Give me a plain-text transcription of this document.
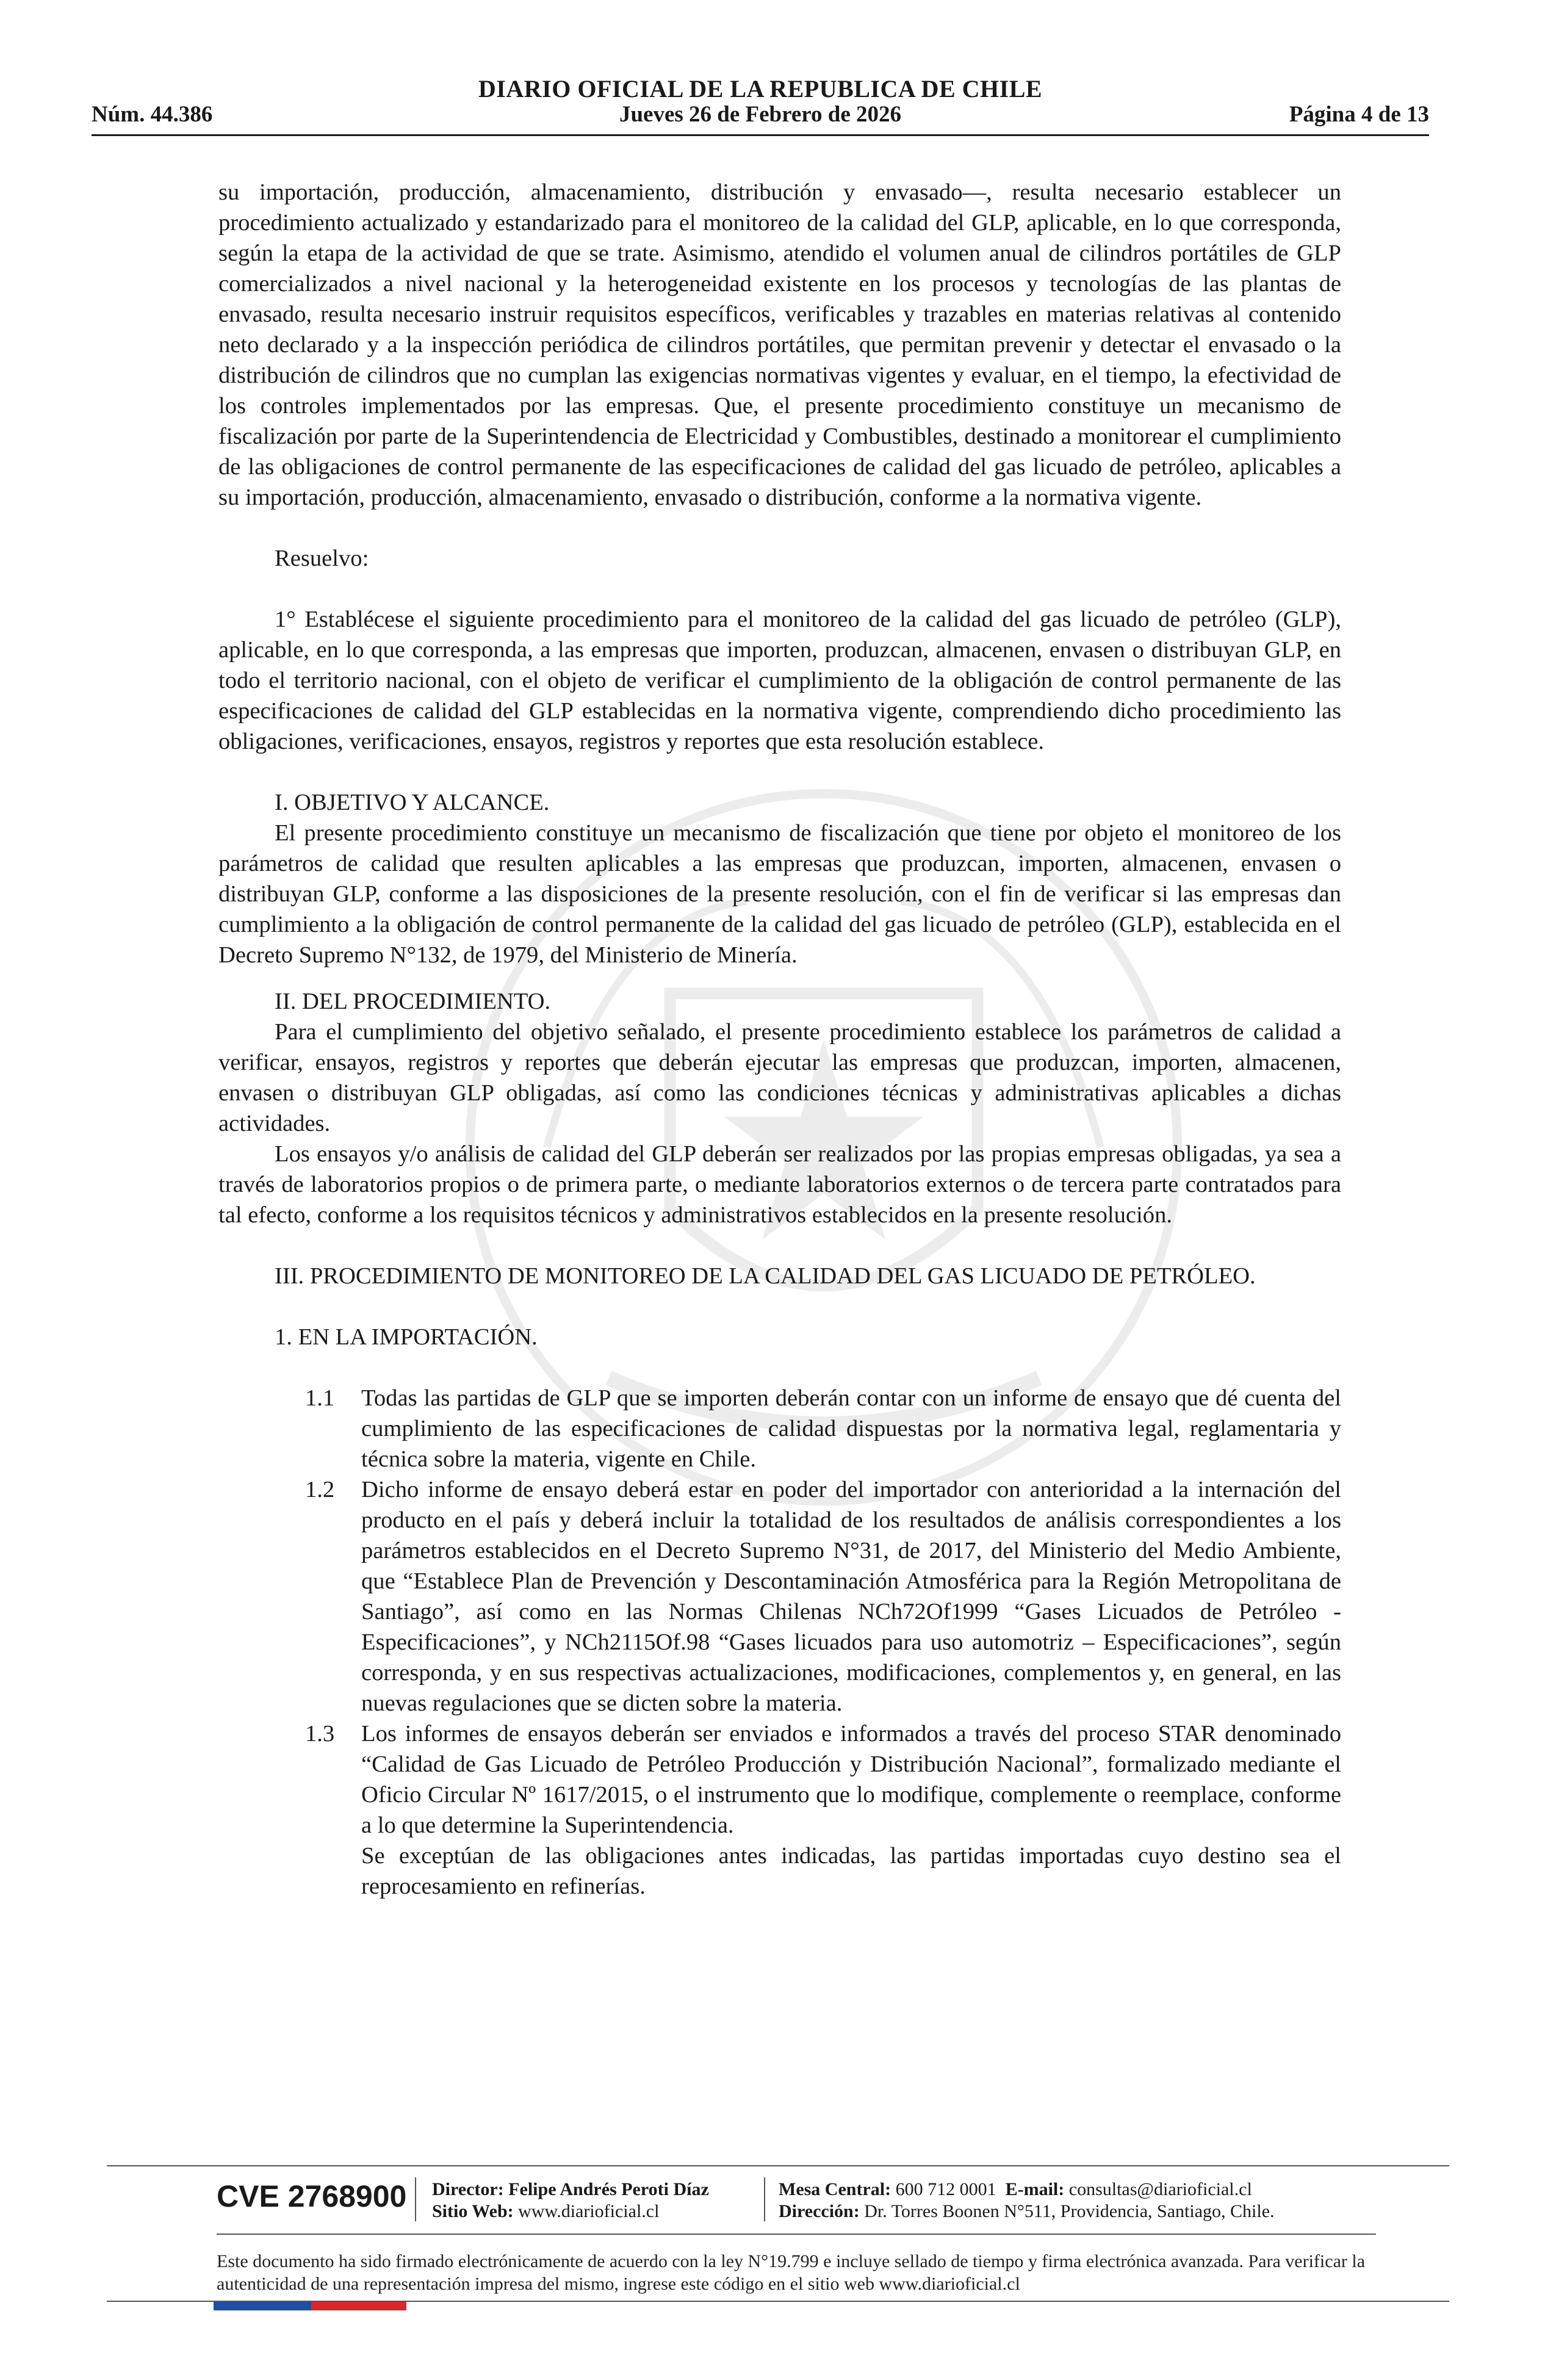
DIARIO OFICIAL DE LA REPUBLICA DE CHILE
Núm. 44.386	Jueves 26 de Febrero de 2026	Página 4 de 13

su importación, producción, almacenamiento, distribución y envasado—, resulta necesario establecer un procedimiento actualizado y estandarizado para el monitoreo de la calidad del GLP, aplicable, en lo que corresponda, según la etapa de la actividad de que se trate. Asimismo, atendido el volumen anual de cilindros portátiles de GLP comercializados a nivel nacional y la heterogeneidad existente en los procesos y tecnologías de las plantas de envasado, resulta necesario instruir requisitos específicos, verificables y trazables en materias relativas al contenido neto declarado y a la inspección periódica de cilindros portátiles, que permitan prevenir y detectar el envasado o la distribución de cilindros que no cumplan las exigencias normativas vigentes y evaluar, en el tiempo, la efectividad de los controles implementados por las empresas. Que, el presente procedimiento constituye un mecanismo de fiscalización por parte de la Superintendencia de Electricidad y Combustibles, destinado a monitorear el cumplimiento de las obligaciones de control permanente de las especificaciones de calidad del gas licuado de petróleo, aplicables a su importación, producción, almacenamiento, envasado o distribución, conforme a la normativa vigente.

Resuelvo:

1° Establécese el siguiente procedimiento para el monitoreo de la calidad del gas licuado de petróleo (GLP), aplicable, en lo que corresponda, a las empresas que importen, produzcan, almacenen, envasen o distribuyan GLP, en todo el territorio nacional, con el objeto de verificar el cumplimiento de la obligación de control permanente de las especificaciones de calidad del GLP establecidas en la normativa vigente, comprendiendo dicho procedimiento las obligaciones, verificaciones, ensayos, registros y reportes que esta resolución establece.

I. OBJETIVO Y ALCANCE.

El presente procedimiento constituye un mecanismo de fiscalización que tiene por objeto el monitoreo de los parámetros de calidad que resulten aplicables a las empresas que produzcan, importen, almacenen, envasen o distribuyan GLP, conforme a las disposiciones de la presente resolución, con el fin de verificar si las empresas dan cumplimiento a la obligación de control permanente de la calidad del gas licuado de petróleo (GLP), establecida en el Decreto Supremo N°132, de 1979, del Ministerio de Minería.

II. DEL PROCEDIMIENTO.

Para el cumplimiento del objetivo señalado, el presente procedimiento establece los parámetros de calidad a verificar, ensayos, registros y reportes que deberán ejecutar las empresas que produzcan, importen, almacenen, envasen o distribuyan GLP obligadas, así como las condiciones técnicas y administrativas aplicables a dichas actividades.

Los ensayos y/o análisis de calidad del GLP deberán ser realizados por las propias empresas obligadas, ya sea a través de laboratorios propios o de primera parte, o mediante laboratorios externos o de tercera parte contratados para tal efecto, conforme a los requisitos técnicos y administrativos establecidos en la presente resolución.

III. PROCEDIMIENTO DE MONITOREO DE LA CALIDAD DEL GAS LICUADO DE PETRÓLEO.

1. EN LA IMPORTACIÓN.

1.1	Todas las partidas de GLP que se importen deberán contar con un informe de ensayo que dé cuenta del cumplimiento de las especificaciones de calidad dispuestas por la normativa legal, reglamentaria y técnica sobre la materia, vigente en Chile.
1.2	Dicho informe de ensayo deberá estar en poder del importador con anterioridad a la internación del producto en el país y deberá incluir la totalidad de los resultados de análisis correspondientes a los parámetros establecidos en el Decreto Supremo N°31, de 2017, del Ministerio del Medio Ambiente, que “Establece Plan de Prevención y Descontaminación Atmosférica para la Región Metropolitana de Santiago”, así como en las Normas Chilenas NCh72Of1999 “Gases Licuados de Petróleo - Especificaciones”, y NCh2115Of.98 “Gases licuados para uso automotriz – Especificaciones”, según corresponda, y en sus respectivas actualizaciones, modificaciones, complementos y, en general, en las nuevas regulaciones que se dicten sobre la materia.
1.3	Los informes de ensayos deberán ser enviados e informados a través del proceso STAR denominado “Calidad de Gas Licuado de Petróleo Producción y Distribución Nacional”, formalizado mediante el Oficio Circular Nº 1617/2015, o el instrumento que lo modifique, complemente o reemplace, conforme a lo que determine la Superintendencia.

Se exceptúan de las obligaciones antes indicadas, las partidas importadas cuyo destino sea el reprocesamiento en refinerías.

CVE 2768900 Director: Felipe Andrés Peroti Díaz
Sitio Web: www.diarioficial.cl
Mesa Central: 600 712 0001 E-mail: consultas@diarioficial.cl
Dirección: Dr. Torres Boonen N°511, Providencia, Santiago, Chile.
Este documento ha sido firmado electrónicamente de acuerdo con la ley N°19.799 e incluye sellado de tiempo y firma electrónica avanzada. Para verificar la autenticidad de una representación impresa del mismo, ingrese este código en el sitio web www.diarioficial.cl
